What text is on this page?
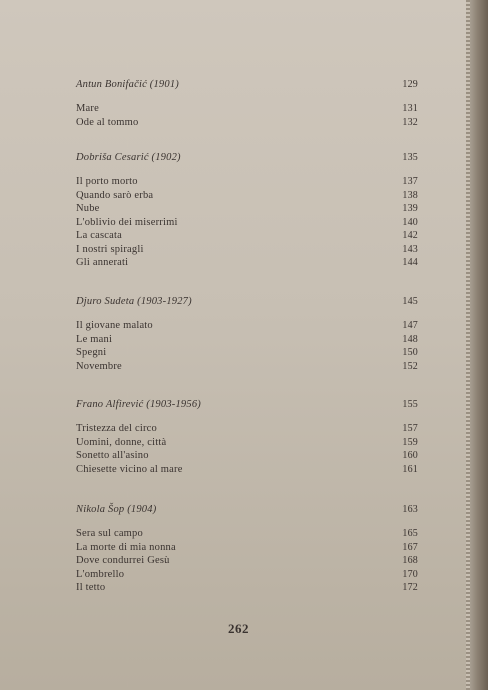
Antun Bonifačić (1901)	129
Mare	131
Ode al tommo	132
Dobriša Cesarić (1902)	135
Il porto morto	137
Quando sarò erba	138
Nube	139
L'oblivio dei miserrimi	140
La cascata	142
I nostri spiragli	143
Gli annerati	144
Djuro Sudeta (1903-1927)	145
Il giovane malato	147
Le mani	148
Spegni	150
Novembre	152
Frano Alfirević (1903-1956)	155
Tristezza del circo	157
Uomini, donne, città	159
Sonetto all'asino	160
Chiesette vicino al mare	161
Nikola Šop (1904)	163
Sera sul campo	165
La morte di mia nonna	167
Dove condurrei Gesù	168
L'ombrello	170
Il tetto	172
262
